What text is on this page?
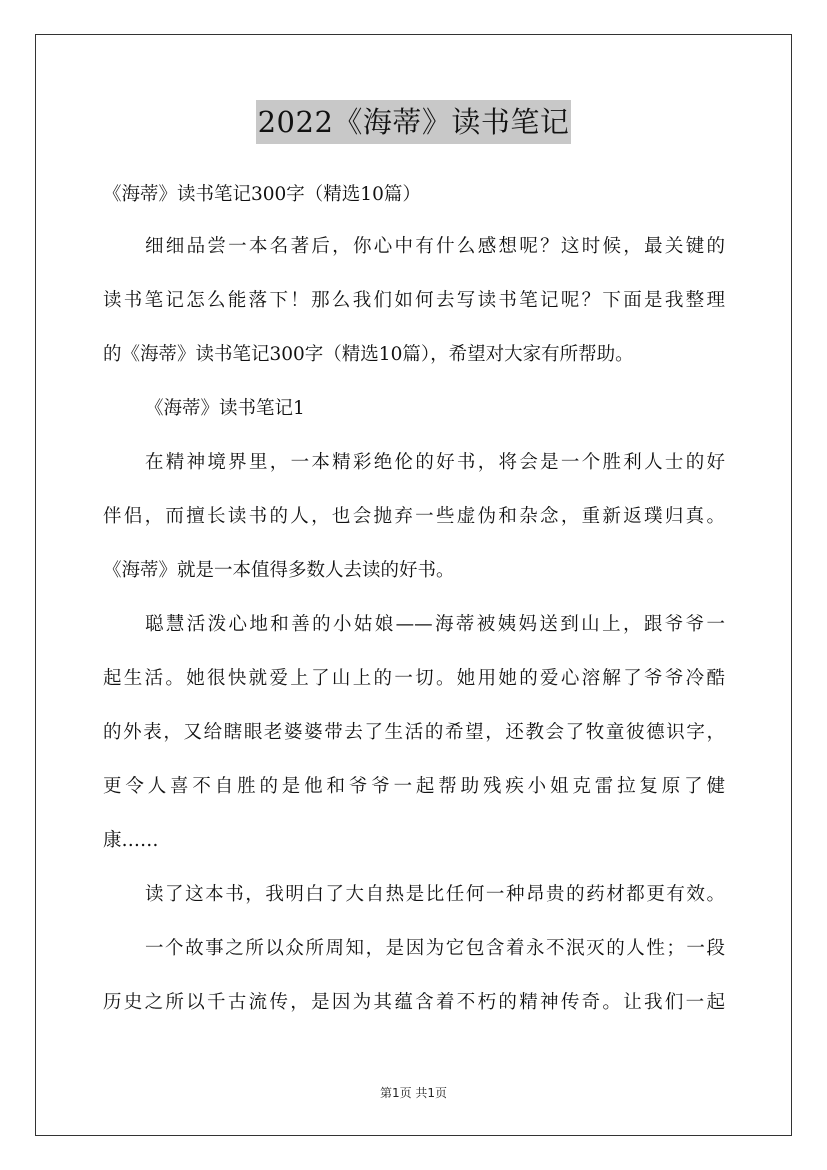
2022《海蒂》读书笔记
《海蒂》读书笔记300字（精选10篇）
细细品尝一本名著后，你心中有什么感想呢？这时候，最关键的
读书笔记怎么能落下！那么我们如何去写读书笔记呢？下面是我整理
的《海蒂》读书笔记300字（精选10篇），希望对大家有所帮助。
《海蒂》读书笔记1
在精神境界里，一本精彩绝伦的好书，将会是一个胜利人士的好
伴侣，而擅长读书的人，也会抛弃一些虚伪和杂念，重新返璞归真。
《海蒂》就是一本值得多数人去读的好书。
聪慧活泼心地和善的小姑娘——海蒂被姨妈送到山上，跟爷爷一
起生活。她很快就爱上了山上的一切。她用她的爱心溶解了爷爷冷酷
的外表，又给瞎眼老婆婆带去了生活的希望，还教会了牧童彼德识字，
更令人喜不自胜的是他和爷爷一起帮助残疾小姐克雷拉复原了健
康……
读了这本书，我明白了大自热是比任何一种昂贵的药材都更有效。
一个故事之所以众所周知，是因为它包含着永不泯灭的人性；一段
历史之所以千古流传，是因为其蕴含着不朽的精神传奇。让我们一起
第1页 共1页
